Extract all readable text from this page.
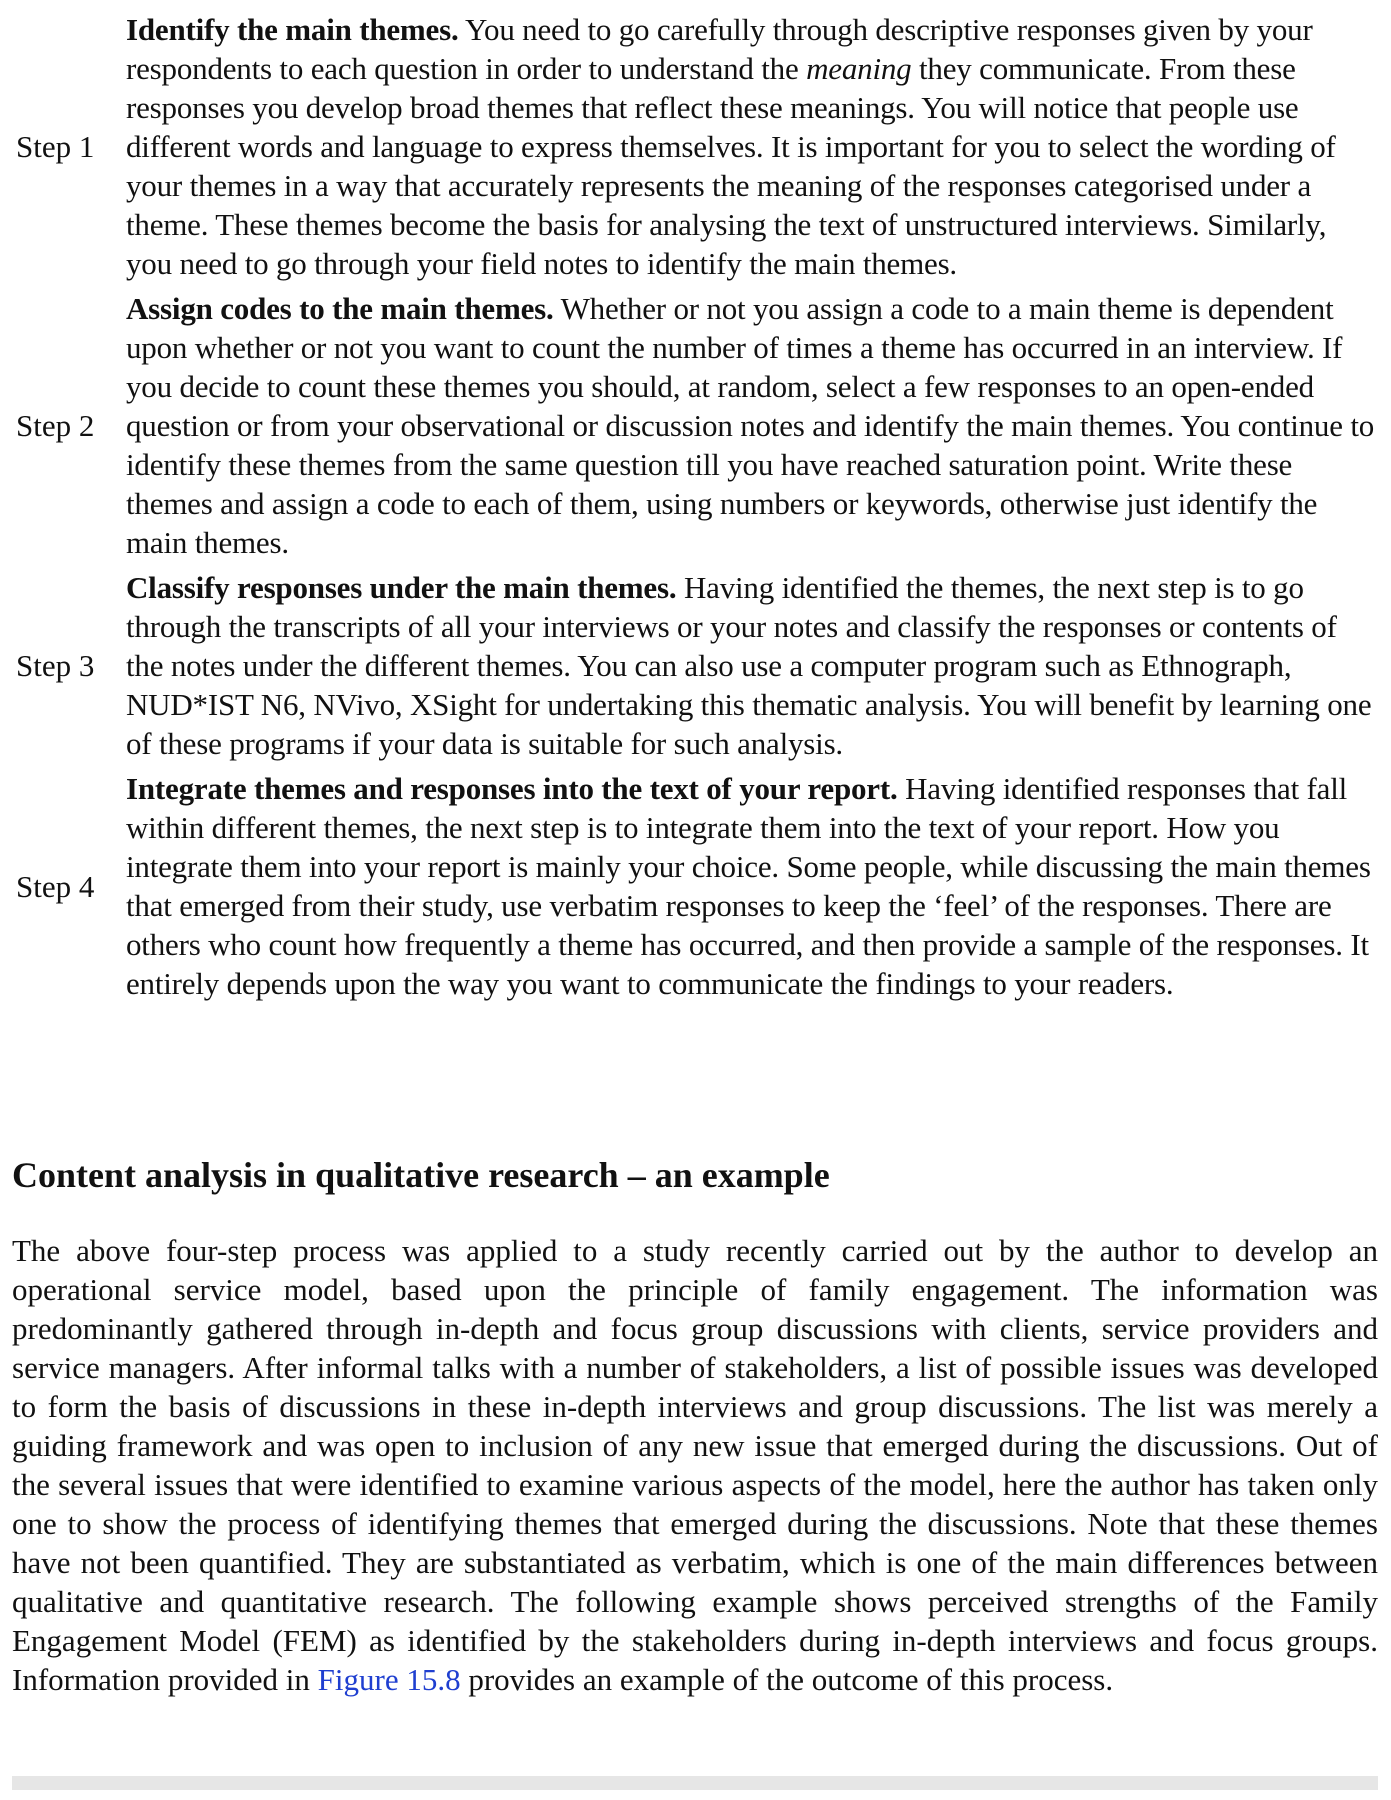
Step 1
Identify the main themes. You need to go carefully through descriptive responses given by your respondents to each question in order to understand the meaning they communicate. From these responses you develop broad themes that reflect these meanings. You will notice that people use different words and language to express themselves. It is important for you to select the wording of your themes in a way that accurately represents the meaning of the responses categorised under a theme. These themes become the basis for analysing the text of unstructured interviews. Similarly, you need to go through your field notes to identify the main themes.
Step 2
Assign codes to the main themes. Whether or not you assign a code to a main theme is dependent upon whether or not you want to count the number of times a theme has occurred in an interview. If you decide to count these themes you should, at random, select a few responses to an open-ended question or from your observational or discussion notes and identify the main themes. You continue to identify these themes from the same question till you have reached saturation point. Write these themes and assign a code to each of them, using numbers or keywords, otherwise just identify the main themes.
Step 3
Classify responses under the main themes. Having identified the themes, the next step is to go through the transcripts of all your interviews or your notes and classify the responses or contents of the notes under the different themes. You can also use a computer program such as Ethnograph, NUD*IST N6, NVivo, XSight for undertaking this thematic analysis. You will benefit by learning one of these programs if your data is suitable for such analysis.
Step 4
Integrate themes and responses into the text of your report. Having identified responses that fall within different themes, the next step is to integrate them into the text of your report. How you integrate them into your report is mainly your choice. Some people, while discussing the main themes that emerged from their study, use verbatim responses to keep the ‘feel’ of the responses. There are others who count how frequently a theme has occurred, and then provide a sample of the responses. It entirely depends upon the way you want to communicate the findings to your readers.
Content analysis in qualitative research – an example

The above four-step process was applied to a study recently carried out by the author to develop an operational service model, based upon the principle of family engagement. The information was predominantly gathered through in-depth and focus group discussions with clients, service providers and service managers. After informal talks with a number of stakeholders, a list of possible issues was developed to form the basis of discussions in these in-depth interviews and group discussions. The list was merely a guiding framework and was open to inclusion of any new issue that emerged during the discussions. Out of the several issues that were identified to examine various aspects of the model, here the author has taken only one to show the process of identifying themes that emerged during the discussions. Note that these themes have not been quantified. They are substantiated as verbatim, which is one of the main differences between qualitative and quantitative research. The following example shows perceived strengths of the Family Engagement Model (FEM) as identified by the stakeholders during in-depth interviews and focus groups. Information provided in Figure 15.8 provides an example of the outcome of this process.
